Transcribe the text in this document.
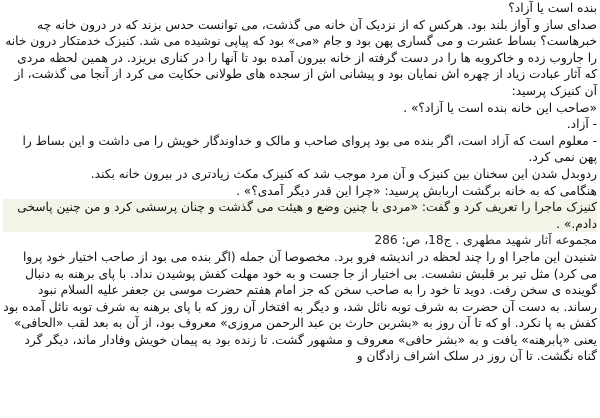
بنده است یا آزاد؟

صدای ساز و آواز بلند بود. هرکس که از نزدیک آن خانه می گذشت، می توانست حدس بزند که در درون خانه چه خبرهاست؟ بساط عشرت و می گساری پهن بود و جام «می» بود که پیاپی نوشیده می شد. کنیزک خدمتکار درون خانه را جاروب زده و خاکروبه ها را در دست گرفته از خانه بیرون آمده بود تا آنها را در کناری بریزد. در همین لحظه مردی که آثار عبادت زیاد از چهره اش نمایان بود و پیشانی اش از سجده های طولانی حکایت می کرد از آنجا می گذشت، از آن کنیزک پرسید:

«صاحب این خانه بنده است یا آزاد؟» .

- آزاد.

- معلوم است که آزاد است، اگر بنده می بود پروای صاحب و مالک و خداوندگار خویش را می داشت و این بساط را پهن نمی کرد.

ردوبدل شدن این سخنان بین کنیزک و آن مرد موجب شد که کنیزک مکث زیادتری در بیرون خانه بکند.

هنگامی که به خانه برگشت اربابش پرسید: «چرا این قدر دیگر آمدی؟» .

کنیزک ماجرا را تعریف کرد و گفت: «مردی با چنین وضع و هیئت می گذشت و چنان پرسشی کرد و من چنین پاسخی دادم.» .

مجموعه آثار شهید مطهری . ج18، ص: 286

شنیدن این ماجرا او را چند لحظه در اندیشه فرو برد. مخصوصا آن جمله (اگر بنده می بود از صاحب اختیار خود پروا می کرد) مثل تیر بر قلبش نشست. بی اختیار از جا جست و به خود مهلت کفش پوشیدن نداد. با پای برهنه به دنبال گوینده ی سخن رفت. دوید تا خود را به صاحب سخن که جز امام هفتم حضرت موسی بن جعفر علیه السلام نبود رساند. به دست آن حضرت به شرف توبه نائل شد، و دیگر به افتخار آن روز که با پای برهنه به شرف توبه نائل آمده بود کفش به پا نکرد. او که تا آن روز به «بشربن حارث بن عبد الرحمن مروزی» معروف بود، از آن به بعد لقب «الحافی» یعنی «پابرهنه» یافت و به «بشر حافی» معروف و مشهور گشت. تا زنده بود به پیمان خویش وفادار ماند، دیگر گرد گناه نگشت. تا آن روز در سلک اشراف زادگان و
